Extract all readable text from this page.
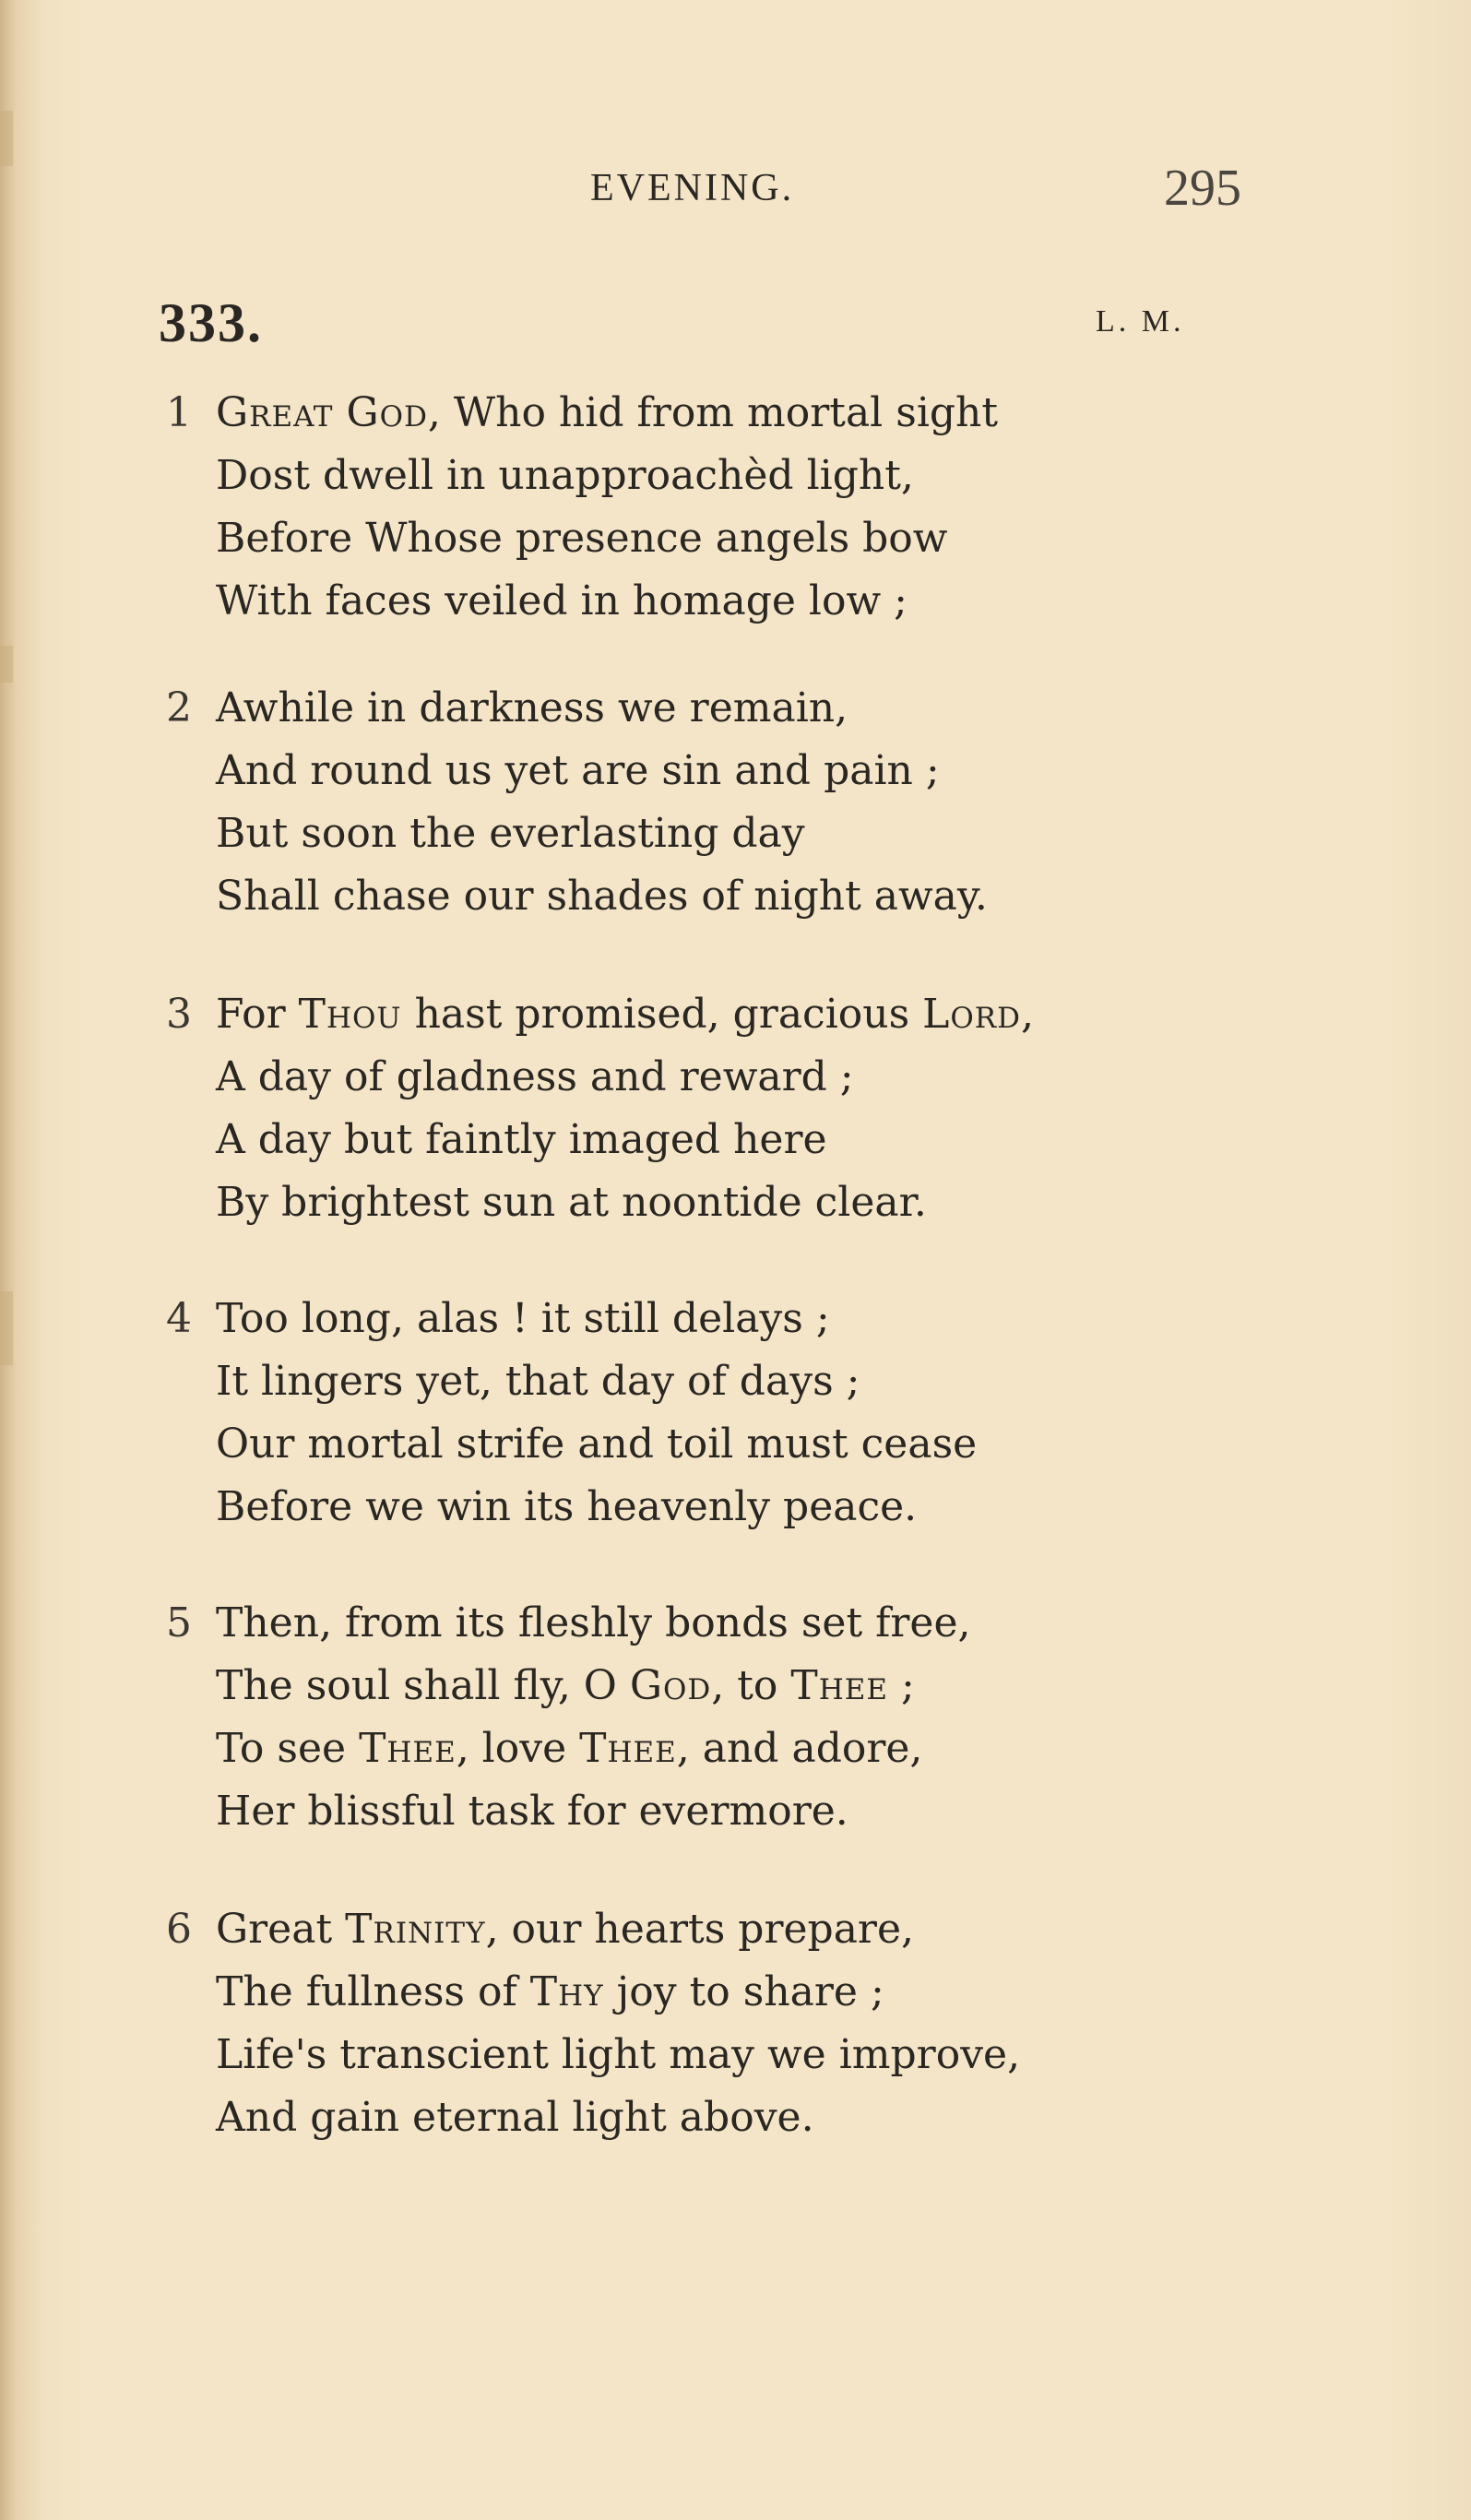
EVENING.	295
333.	L. M.
1 Great God, Who hid from mortal sight
Dost dwell in unapproachèd light,
Before Whose presence angels bow
With faces veiled in homage low ;
2 Awhile in darkness we remain,
And round us yet are sin and pain ;
But soon the everlasting day
Shall chase our shades of night away.
3 For Thou hast promised, gracious Lord,
A day of gladness and reward ;
A day but faintly imaged here
By brightest sun at noontide clear.
4 Too long, alas ! it still delays ;
It lingers yet, that day of days ;
Our mortal strife and toil must cease
Before we win its heavenly peace.
5 Then, from its fleshly bonds set free,
The soul shall fly, O God, to Thee ;
To see Thee, love Thee, and adore,
Her blissful task for evermore.
6 Great Trinity, our hearts prepare,
The fullness of Thy joy to share ;
Life's transcient light may we improve,
And gain eternal light above.
